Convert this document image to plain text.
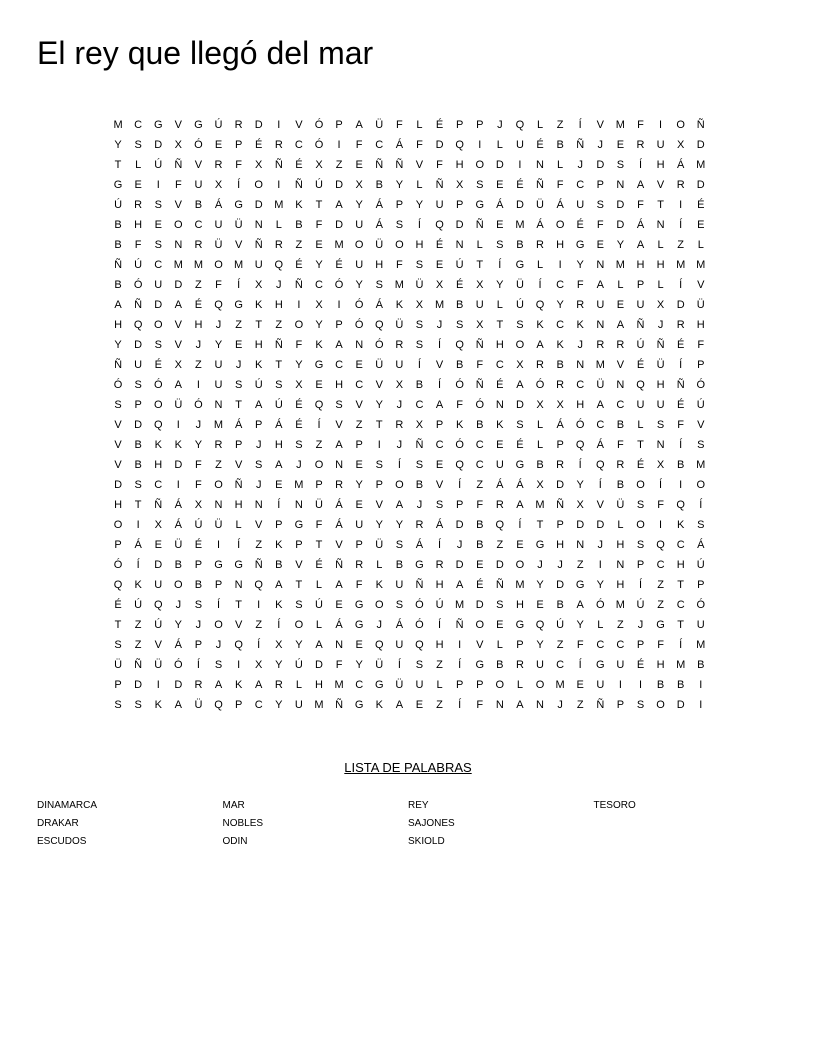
El rey que llegó del mar
M	C	G	V	G	Ú	R	D	I	V	Ó	P	A	Ü	F	L	É	P	P	J	Q	L	Z	Í	V	M	F	I	O	Ñ
Y	S	D	X	Ó	E	P	É	R	C	Ó	I	F	C	Á	F	D	Q	I	L	U	É	B	Ñ	J	E	R	U	X	D
T	L	Ú	Ñ	V	R	F	X	Ñ	É	X	Z	E	Ñ	Ñ	V	F	H	O	D	I	N	L	J	D	S	Í	H	Á	M
G	E	I	F	U	X	Í	O	I	Ñ	Ú	D	X	B	Y	L	Ñ	X	S	E	É	Ñ	F	C	P	N	A	V	R	D
Ú	R	S	V	B	Á	G	D	M	K	T	A	Y	Á	P	Y	U	P	G	Á	D	Ü	Á	U	S	D	F	T	I	É
B	H	E	O	C	U	Ü	N	L	B	F	D	U	Á	S	Í	Q	D	Ñ	E	M	Á	O	É	F	D	Á	N	Í	E
B	F	S	N	R	Ü	V	Ñ	R	Z	E	M	O	Ü	O	H	É	N	L	S	B	R	H	G	E	Y	A	L	Z	L
Ñ	Ú	C	M M	O	M	U	Q	É	Y	É	U	H	F	S	E	Ú	T	Í	G	L	I	Y	N	M	H	H	M M
B	Ó	U	D	Z	F	Í	X	J	Ñ	C	Ó	Y	S	M	Ü	X	É	X	Y	Ü	Í	C	F	A	L	P	L	Í	V
A	Ñ	D	A	É	Q	G	K	H	I	X	I	Ó	Á	K	X	M	B	U	L	Ú	Q	Y	R	U	E	U	X	D	Ü
H	Q	O	V	H	J	Z	T	Z	O	Y	P	Ó	Q	Ü	S	J	S	X	T	S	K	C	K	N	A	Ñ	J	R	H
Y	D	S	V	J	Y	E	H	Ñ	F	K	A	N	Ó	R	S	Í	Q	Ñ	H	O	A	K	J	R	R	Ú	Ñ	É	F
Ñ	U	É	X	Z	U	J	K	T	Y	G	C	E	Ü	U	Í	V	B	F	C	X	R	B	N	M	V	É	Ü	Í	P
Ó	S	Ó	A	I	U	S	Ú	S	X	E	H	C	V	X	B	Í	Ó	Ñ	É	A	Ó	R	C	Ü	N	Q	H	Ñ	Ó
S	P	O	Ü	Ó	N	T	A	Ú	É	Q	S	V	Y	J	C	A	F	Ó	N	D	X	X	H	A	C	U	U	É	Ú
V	D	Q	I	J	M	Á	P	Á	É	Í	V	Z	T	R	X	P	K	B	K	S	L	Á	Ó	C	B	L	S	F	V
V	B	K	K	Y	R	P	J	H	S	Z	A	P	I	J	Ñ	C	Ó	C	E	É	L	P	Q	Á	F	T	N	Í	S
V	B	H	D	F	Z	V	S	A	J	O	N	E	S	Í	S	E	Q	C	U	G	B	R	Í	Q	R	É	X	B	M
D	S	C	I	F	O	Ñ	J	E	M	P	R	Y	P	O	B	V	Í	Z	Á	Á	X	D	Y	Í	B	O	Í	I	O
H	T	Ñ	Á	X	N	H	N	Í	N	Ü	Á	E	V	A	J	S	P	F	R	A	M	Ñ	X	V	Ü	S	F	Q	Í
O	I	X	Á	Ú	Ü	L	V	P	G	F	Á	U	Y	Y	R	Á	D	B	Q	Í	T	P	D	D	L	O	I	K	S
P	Á	E	Ü	É	I	Í	Z	K	P	T	V	P	Ü	S	Á	Í	J	B	Z	E	G	H	N	J	H	S	Q	C	Á
Ó	Í	D	B	P	G	G	Ñ	B	V	É	Ñ	R	L	B	G	R	D	E	D	O	J	J	Z	I	N	P	C	H	Ú
Q	K	U	O	B	P	N	Q	A	T	L	A	F	K	U	Ñ	H	A	É	Ñ	M	Y	D	G	Y	H	Í	Z	T	P
É	Ú	Q	J	S	Í	T	I	K	S	Ú	E	G	O	S	Ó	Ú	M	D	S	H	E	B	A	Ó	M	Ú	Z	C	Ó
T	Z	Ú	Y	J	O	V	Z	Í	O	L	Á	G	J	Á	Ó	Í	Ñ	O	E	G	Q	Ú	Y	L	Z	J	G	T	U
S	Z	V	Á	P	J	Q	Í	X	Y	A	N	E	Q	U	Q	H	I	V	L	P	Y	Z	F	C	C	P	F	Í	M
Ü	Ñ	Ü	Ó	Í	S	I	X	Y	Ú	D	F	Y	Ü	Í	S	Z	Í	G	B	R	U	C	Í	G	U	É	H	M	B
P	D	I	D	R	A	K	A	R	L	H	M	C	G	Ü	U	L	P	P	O	L	O	M	E	U	I	I	B	B	I
S	S	K	A	Ü	Q	P	C	Y	U	M	Ñ	G	K	A	E	Z	Í	F	N	A	N	J	Z	Ñ	P	S	O	D	I
LISTA DE PALABRAS
DINAMARCA	MAR	REY	TESORO
DRAKAR	NOBLES	SAJONES
ESCUDOS	ODIN	SKIOLD
